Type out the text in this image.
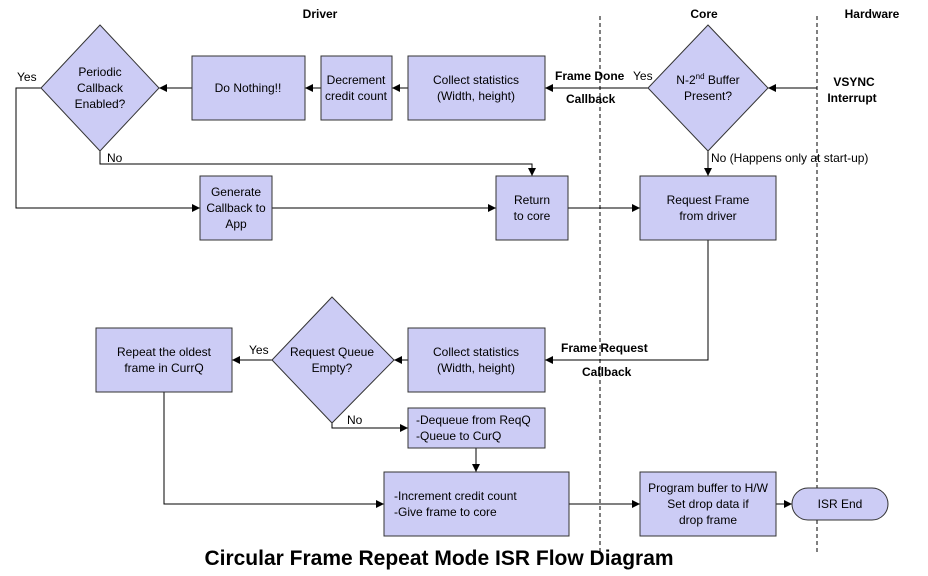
Driver	Core	Hardware
Periodic
Callback
Enabled?
Do Nothing!!
Decrement
credit count
Collect statistics
(Width, height)
N-2nd Buffer
Present?
Generate
Callback to
App
Return
to core
Request Frame
from driver
Repeat the oldest
frame in CurrQ
Request Queue
Empty?
Collect statistics
(Width, height)
-Dequeue from ReqQ
-Queue to CurQ
-Increment credit count
-Give frame to core
Program buffer to H/W
Set drop data if
drop frame
ISR End
VSYNC
Interrupt
Frame Done
Callback
Yes
No (Happens only at start-up)
Yes
No
Frame Request
Callback
Yes
No
Circular Frame Repeat Mode ISR Flow Diagram
